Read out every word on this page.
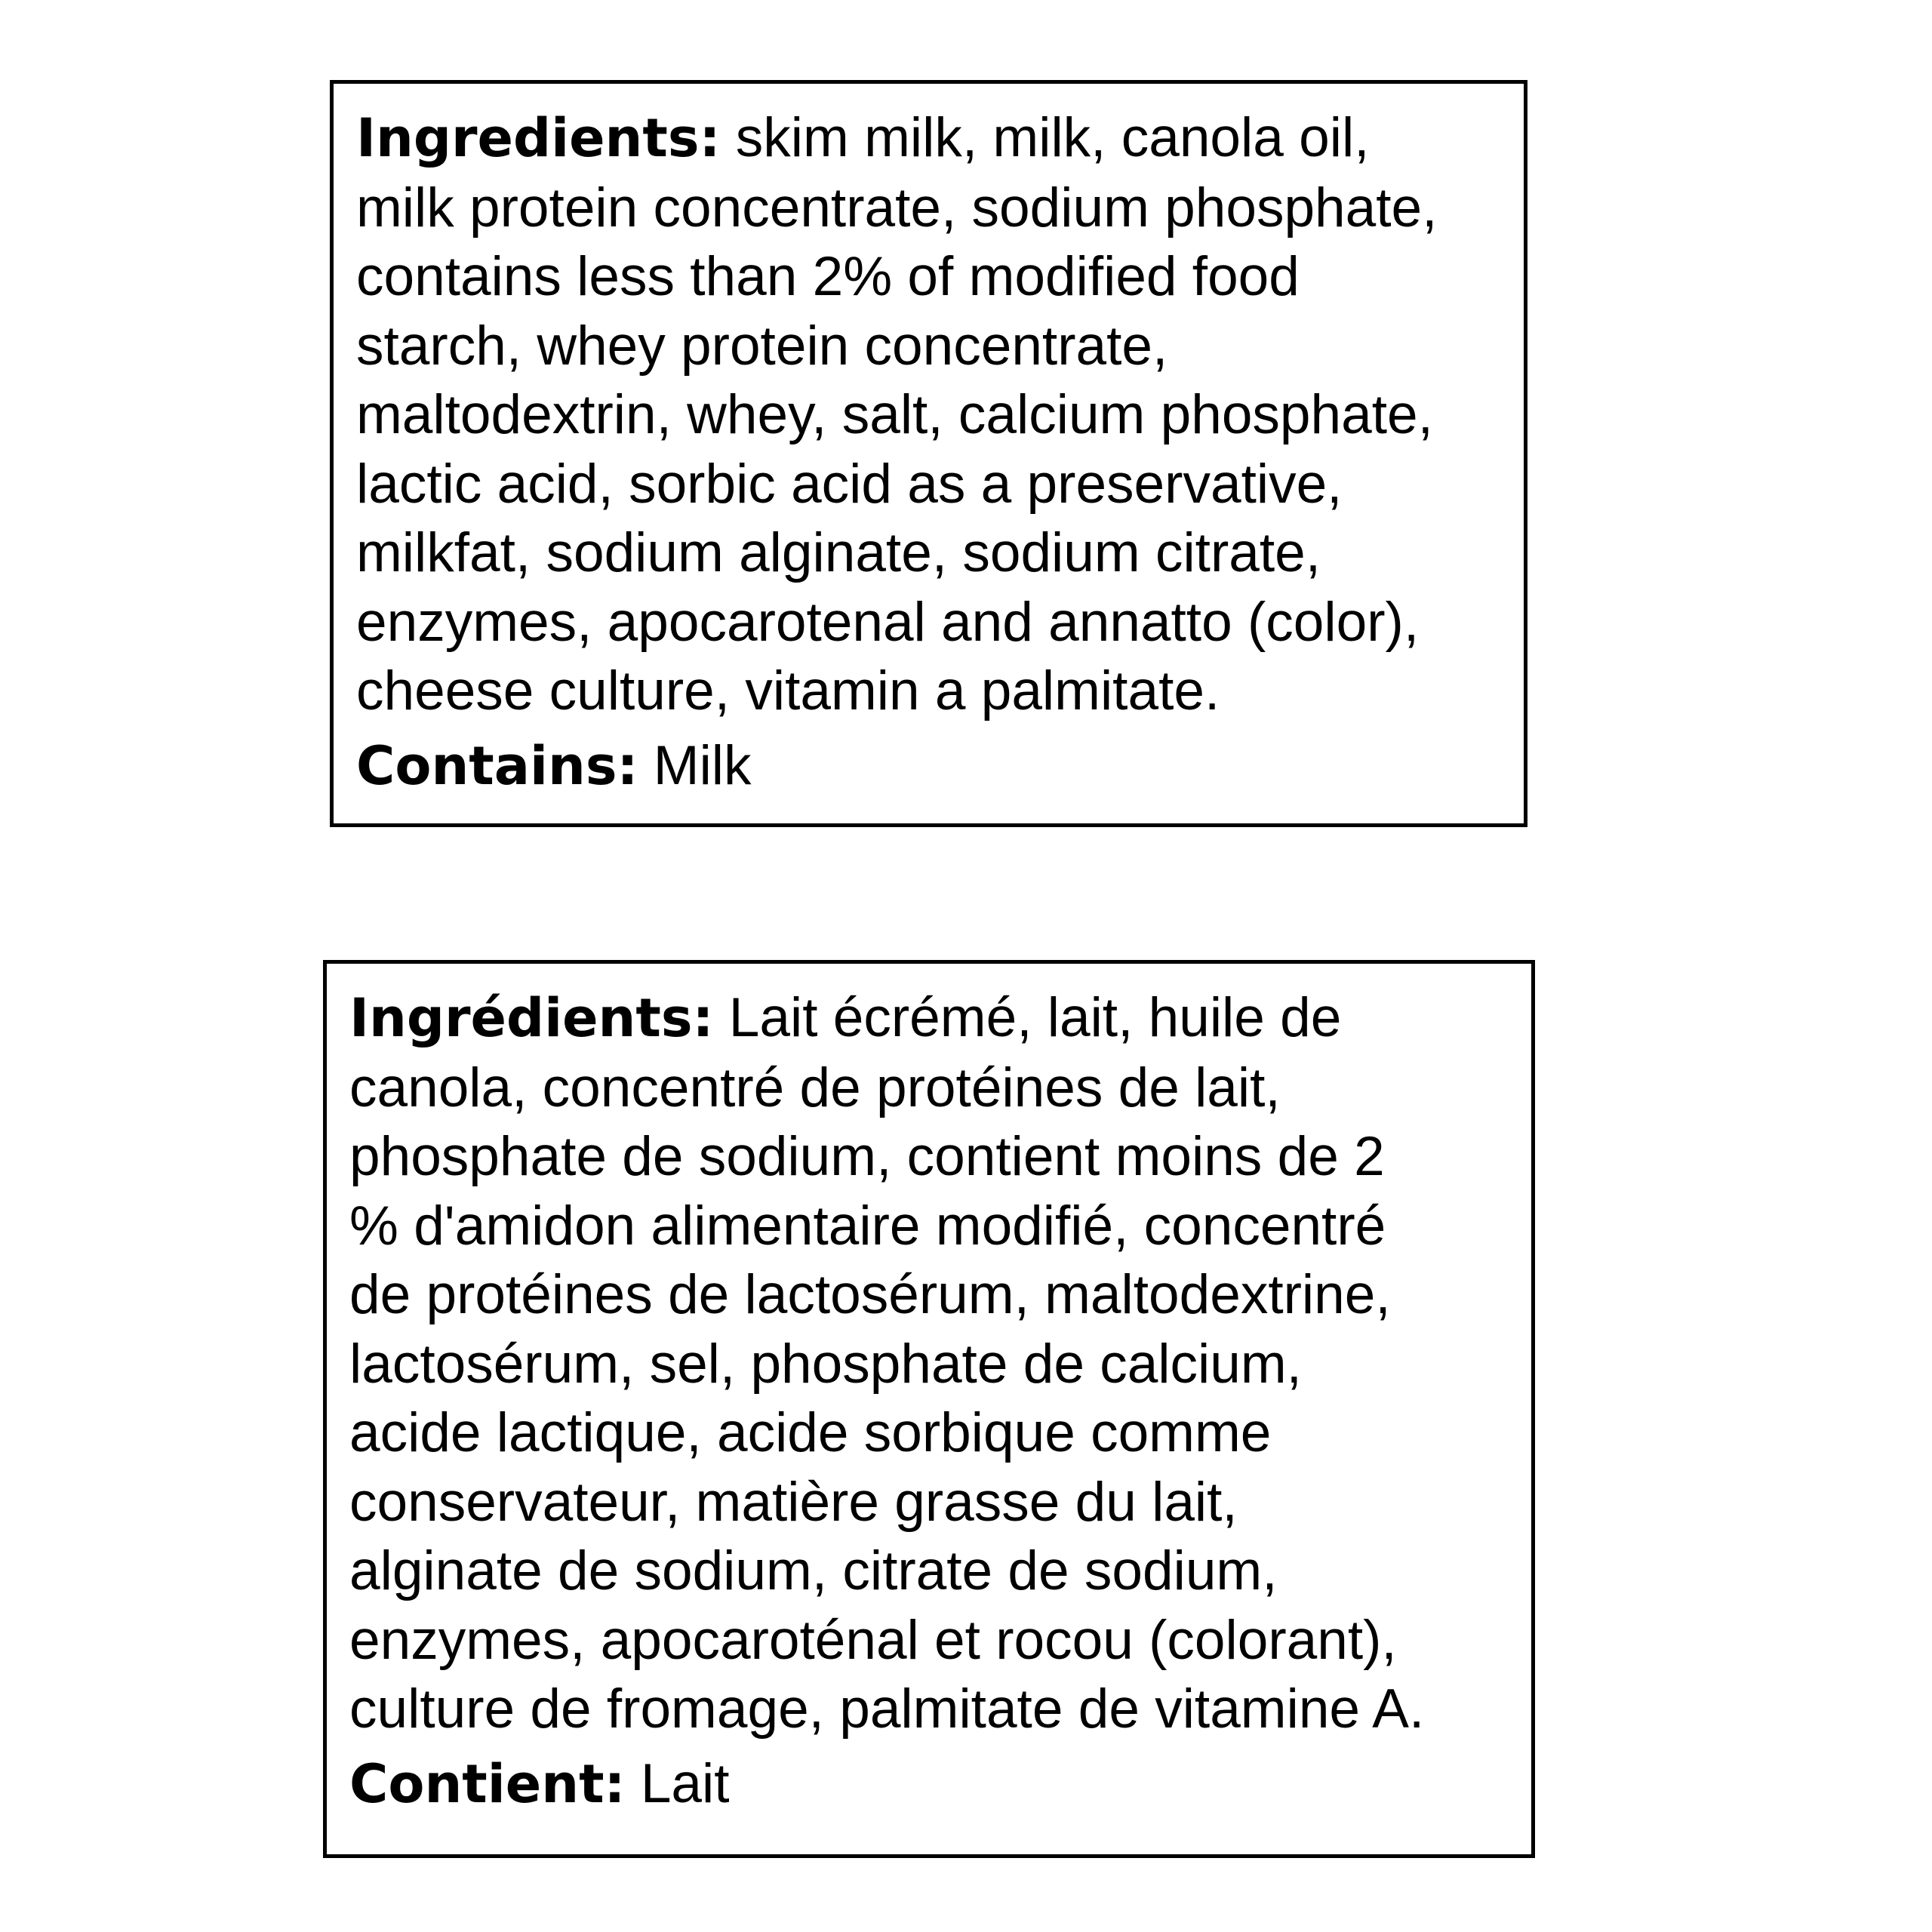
Ingredients: skim milk, milk, canola oil,
milk protein concentrate, sodium phosphate,
contains less than 2% of modified food
starch, whey protein concentrate,
maltodextrin, whey, salt, calcium phosphate,
lactic acid, sorbic acid as a preservative,
milkfat, sodium alginate, sodium citrate,
enzymes, apocarotenal and annatto (color),
cheese culture, vitamin a palmitate.
Contains: Milk
Ingrédients: Lait écrémé, lait, huile de
canola, concentré de protéines de lait,
phosphate de sodium, contient moins de 2
% d'amidon alimentaire modifié, concentré
de protéines de lactosérum, maltodextrine,
lactosérum, sel, phosphate de calcium,
acide lactique, acide sorbique comme
conservateur, matière grasse du lait,
alginate de sodium, citrate de sodium,
enzymes, apocaroténal et rocou (colorant),
culture de fromage, palmitate de vitamine A.
Contient: Lait
